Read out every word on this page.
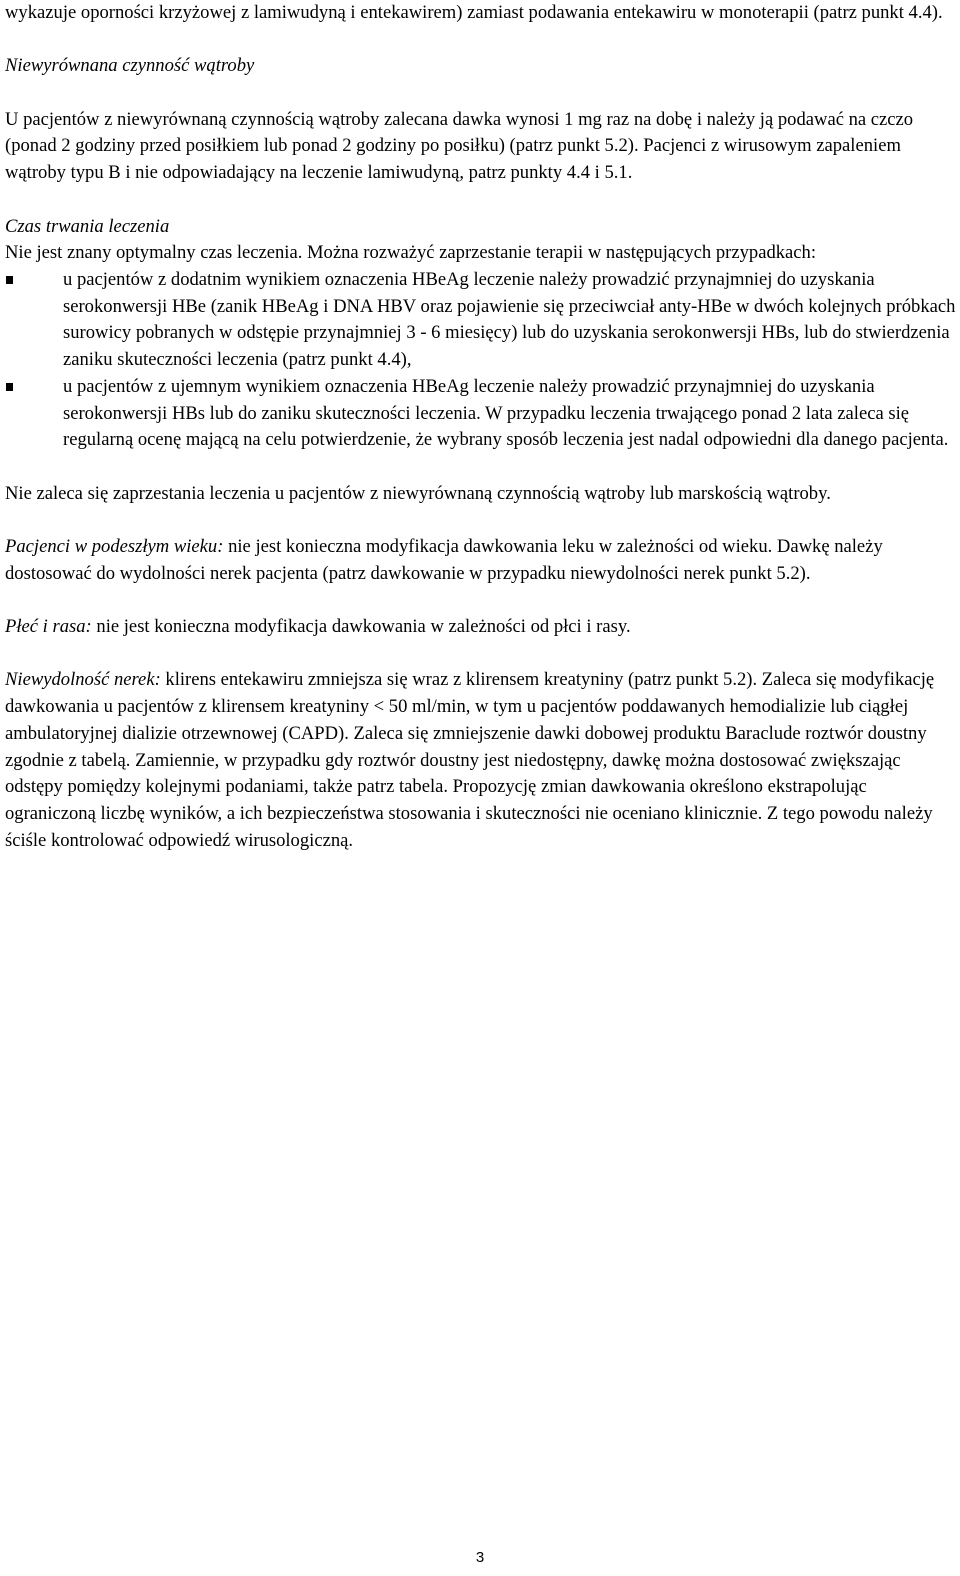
wykazuje oporności krzyżowej z lamiwudyną i entekawirem) zamiast podawania entekawiru w monoterapii (patrz punkt 4.4).

Niewyrównana czynność wątroby

U pacjentów z niewyrównaną czynnością wątroby zalecana dawka wynosi 1 mg raz na dobę i należy ją podawać na czczo (ponad 2 godziny przed posiłkiem lub ponad 2 godziny po posiłku) (patrz punkt 5.2). Pacjenci z wirusowym zapaleniem wątroby typu B i nie odpowiadający na leczenie lamiwudyną, patrz punkty 4.4 i 5.1.

Czas trwania leczenia

Nie jest znany optymalny czas leczenia. Można rozważyć zaprzestanie terapii w następujących przypadkach:

u pacjentów z dodatnim wynikiem oznaczenia HBeAg leczenie należy prowadzić przynajmniej do uzyskania serokonwersji HBe (zanik HBeAg i DNA HBV oraz pojawienie się przeciwciał anty-HBe w dwóch kolejnych próbkach surowicy pobranych w odstępie przynajmniej 3 - 6 miesięcy) lub do uzyskania serokonwersji HBs, lub do stwierdzenia zaniku skuteczności leczenia (patrz punkt 4.4),
u pacjentów z ujemnym wynikiem oznaczenia HBeAg leczenie należy prowadzić przynajmniej do uzyskania serokonwersji HBs lub do zaniku skuteczności leczenia. W przypadku leczenia trwającego ponad 2 lata zaleca się regularną ocenę mającą na celu potwierdzenie, że wybrany sposób leczenia jest nadal odpowiedni dla danego pacjenta.

Nie zaleca się zaprzestania leczenia u pacjentów z niewyrównaną czynnością wątroby lub marskością wątroby.

Pacjenci w podeszłym wieku: nie jest konieczna modyfikacja dawkowania leku w zależności od wieku. Dawkę należy dostosować do wydolności nerek pacjenta (patrz dawkowanie w przypadku niewydolności nerek punkt 5.2).

Płeć i rasa: nie jest konieczna modyfikacja dawkowania w zależności od płci i rasy.

Niewydolność nerek: klirens entekawiru zmniejsza się wraz z klirensem kreatyniny (patrz punkt 5.2). Zaleca się modyfikację dawkowania u pacjentów z klirensem kreatyniny < 50 ml/min, w tym u pacjentów poddawanych hemodializie lub ciągłej ambulatoryjnej dializie otrzewnowej (CAPD). Zaleca się zmniejszenie dawki dobowej produktu Baraclude roztwór doustny zgodnie z tabelą. Zamiennie, w przypadku gdy roztwór doustny jest niedostępny, dawkę można dostosować zwiększając odstępy pomiędzy kolejnymi podaniami, także patrz tabela. Propozycję zmian dawkowania określono ekstrapolując ograniczoną liczbę wyników, a ich bezpieczeństwa stosowania i skuteczności nie oceniano klinicznie. Z tego powodu należy ściśle kontrolować odpowiedź wirusologiczną.

3
